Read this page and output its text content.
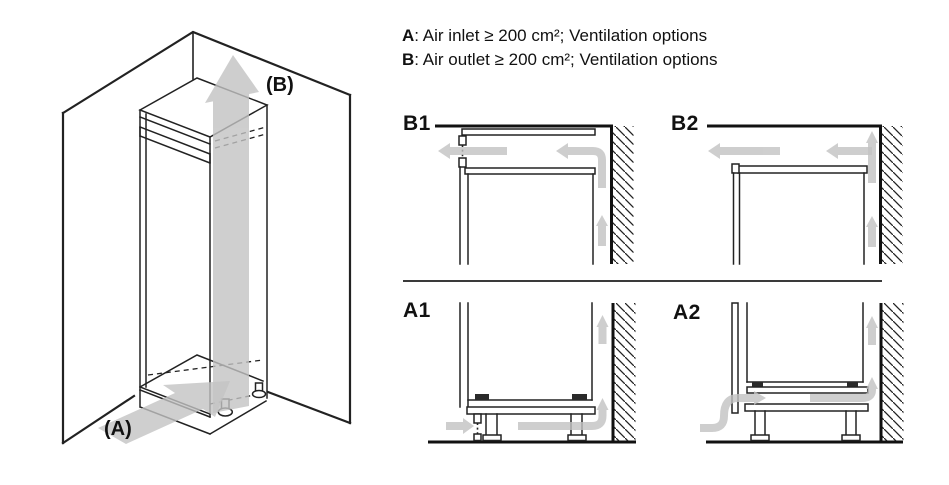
A: Air inlet ≥ 200 cm²; Ventilation options
B: Air outlet ≥ 200 cm²; Ventilation options
(B)
(A)
B1	B2
A1	A2
